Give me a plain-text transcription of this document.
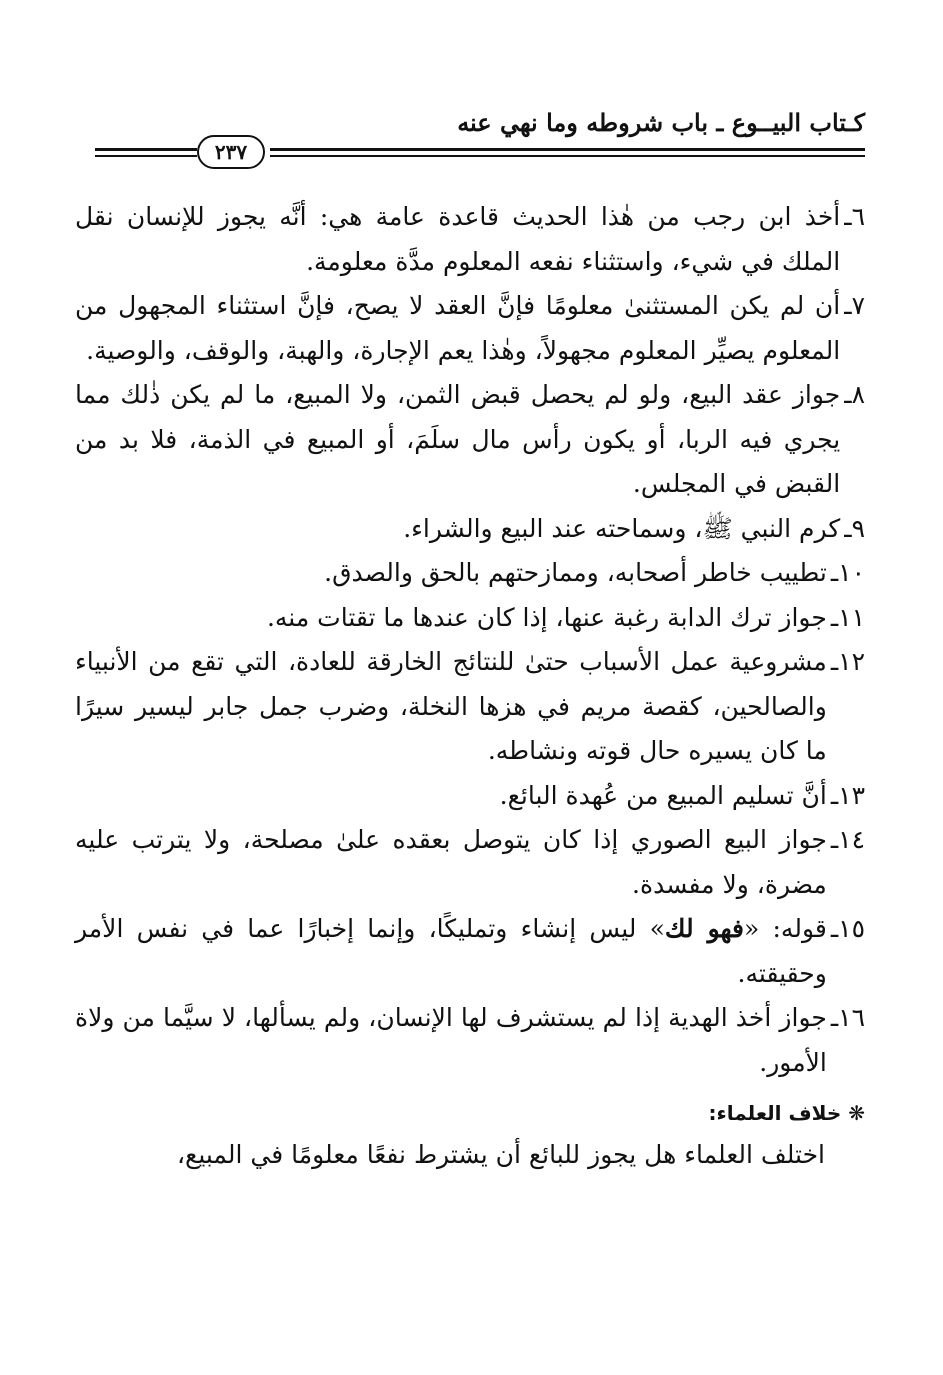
كـتاب البيــوع ـ باب شروطه وما نهي عنه
٢٣٧
٦ـ
أخذ ابن رجب من هٰذا الحديث قاعدة عامة هي: أنَّه يجوز للإنسان نقل الملك في شيء، واستثناء نفعه المعلوم مدَّة معلومة.
٧ـ
أن لم يكن المستثنىٰ معلومًا فإنَّ العقد لا يصح، فإنَّ استثناء المجهول من المعلوم يصيِّر المعلوم مجهولاً، وهٰذا يعم الإجارة، والهبة، والوقف، والوصية.
٨ـ
جواز عقد البيع، ولو لم يحصل قبض الثمن، ولا المبيع، ما لم يكن ذٰلك مما يجري فيه الربا، أو يكون رأس مال سلَمَ، أو المبيع في الذمة، فلا بد من القبض في المجلس.
٩ـ
كرم النبي ﷺ، وسماحته عند البيع والشراء.
١٠ـ
تطييب خاطر أصحابه، وممازحتهم بالحق والصدق.
١١ـ
جواز ترك الدابة رغبة عنها، إذا كان عندها ما تقتات منه.
١٢ـ
مشروعية عمل الأسباب حتىٰ للنتائج الخارقة للعادة، التي تقع من الأنبياء والصالحين، كقصة مريم في هزها النخلة، وضرب جمل جابر ليسير سيرًا ما كان يسيره حال قوته ونشاطه.
١٣ـ
أنَّ تسليم المبيع من عُهدة البائع.
١٤ـ
جواز البيع الصوري إذا كان يتوصل بعقده علىٰ مصلحة، ولا يترتب عليه مضرة، ولا مفسدة.
١٥ـ
قوله: «فهو لك» ليس إنشاء وتمليكًا، وإنما إخبارًا عما في نفس الأمر وحقيقته.
١٦ـ
جواز أخذ الهدية إذا لم يستشرف لها الإنسان، ولم يسألها، لا سيَّما من ولاة الأمور.
❋ خلاف العلماء:
اختلف العلماء هل يجوز للبائع أن يشترط نفعًا معلومًا في المبيع،
